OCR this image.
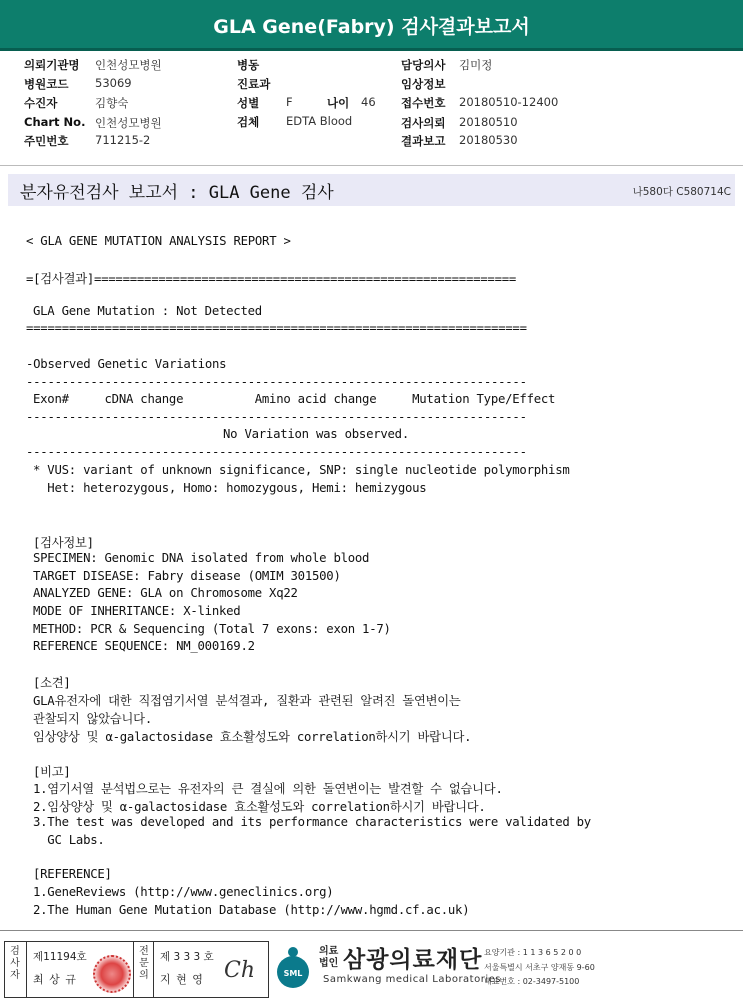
GLA Gene(Fabry) 검사결과보고서
의뢰기관명 인천성모병원
병원코드 53069
수진자	김향숙
Chart No. 인천성모병원
주민번호 711215-2
병동
진료과
성별 F	나이 46
검체 EDTA Blood
담당의사 김미정
임상정보
접수번호 20180510-12400
검사의뢰 20180510
결과보고 20180530
분자유전검사 보고서 : GLA Gene 검사	나580다 C580714C
< GLA GENE MUTATION ANALYSIS REPORT >
=[검사결과]===========================================================
GLA Gene Mutation : Not Detected
======================================================================
-Observed Genetic Variations
----------------------------------------------------------------------
Exon#     cDNA change          Amino acid change     Mutation Type/Effect
----------------------------------------------------------------------
No Variation was observed.
----------------------------------------------------------------------
* VUS: variant of unknown significance, SNP: single nucleotide polymorphism
Het: heterozygous, Homo: homozygous, Hemi: hemizygous
[검사정보]
SPECIMEN: Genomic DNA isolated from whole blood
TARGET DISEASE: Fabry disease (OMIM 301500)
ANALYZED GENE: GLA on Chromosome Xq22
MODE OF INHERITANCE: X-linked
METHOD: PCR & Sequencing (Total 7 exons: exon 1-7)
REFERENCE SEQUENCE: NM_000169.2
[소견]
GLA유전자에 대한 직접염기서열 분석결과, 질환과 관련된 알려진 돌연변이는
관찰되지 않았습니다.
임상양상 및 α-galactosidase 효소활성도와 correlation하시기 바랍니다.
[비고]
1.염기서열 분석법으로는 유전자의 큰 결실에 의한 돌연변이는 발견할 수 없습니다.
2.임상양상 및 α-galactosidase 효소활성도와 correlation하시기 바랍니다.
3.The test was developed and its performance characteristics were validated by
GC Labs.
[REFERENCE]
1.GeneReviews (http://www.geneclinics.org)
2.The Human Gene Mutation Database (http://www.hgmd.cf.ac.uk)
검사자
제11194호
최 상 규
전문의
제 3 3 3 호
지 현 영 Ch	SML
의료 법인 삼광의료재단
Samkwang medical Laboratories
요양기관 : 1 1 3 6 5 2 0 0
서울특별시 서초구 양재동 9-60
대표번호 : 02-3497-5100
